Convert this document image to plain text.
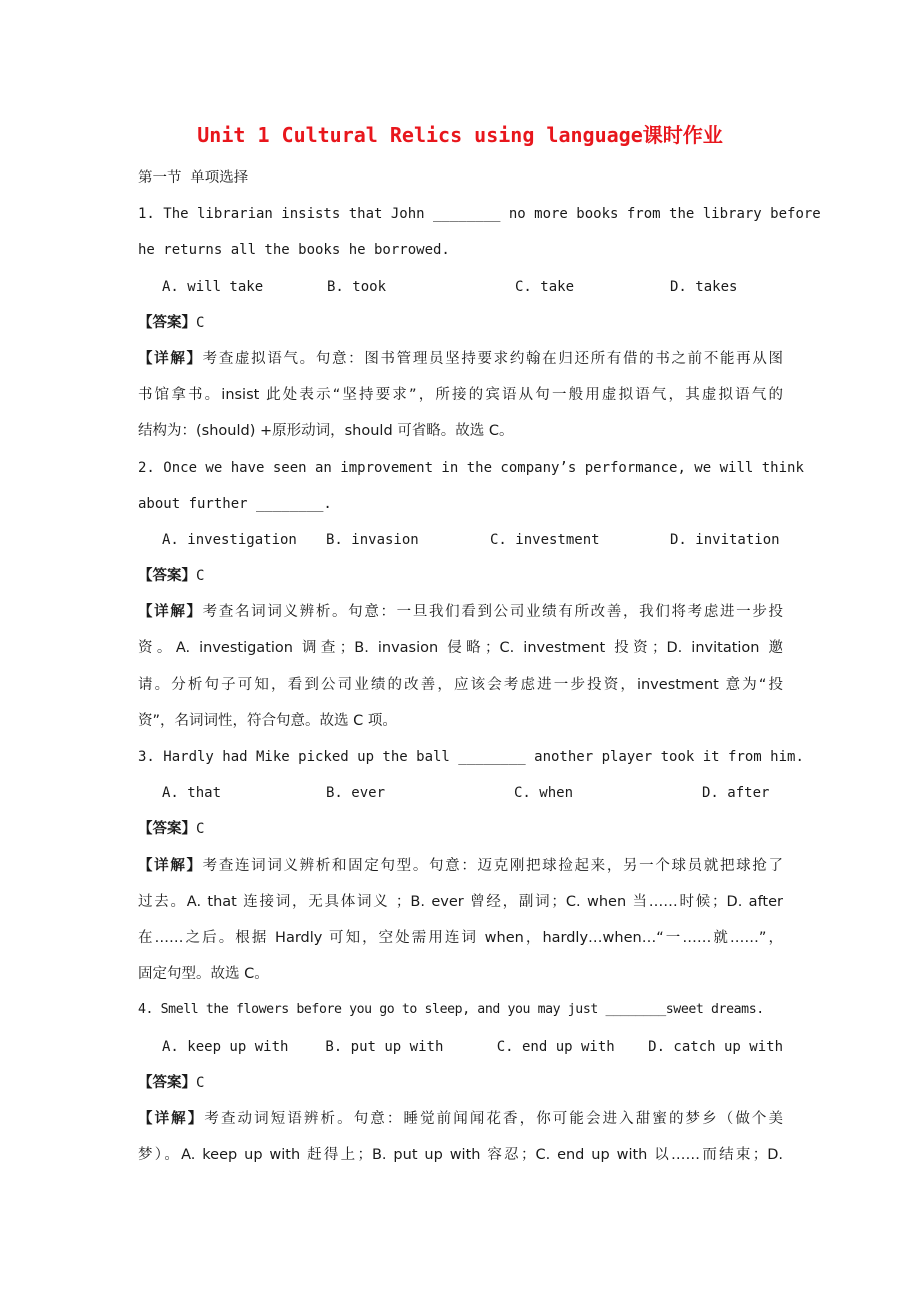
Unit 1 Cultural Relics using language课时作业
第一节 单项选择
1. The librarian insists that John ________ no more books from the library before
he returns all the books he borrowed.
A. will take	B. took	C. take	D. takes
【答案】C
【详解】考查虚拟语气。句意：图书管理员坚持要求约翰在归还所有借的书之前不能再从图
书馆拿书。insist 此处表示“坚持要求”，所接的宾语从句一般用虚拟语气，其虚拟语气的
结构为：(should) +原形动词，should 可省略。故选 C。
2. Once we have seen an improvement in the company’s performance, we will think
about further ________.
A. investigation	B. invasion	C. investment	D. invitation
【答案】C
【详解】考查名词词义辨析。句意：一旦我们看到公司业绩有所改善，我们将考虑进一步投
资。A. investigation 调查；B. invasion 侵略；C. investment 投资；D. invitation 邀
请。分析句子可知，看到公司业绩的改善，应该会考虑进一步投资，investment 意为“投
资”，名词词性，符合句意。故选 C 项。
3. Hardly had Mike picked up the ball ________ another player took it from him.
A. that	B. ever	C. when	D. after
【答案】C
【详解】考查连词词义辨析和固定句型。句意：迈克刚把球捡起来，另一个球员就把球抢了
过去。A. that 连接词，无具体词义 ；B. ever 曾经，副词；C. when 当……时候；D. after
在……之后。根据 Hardly 可知，空处需用连词 when，hardly…when…“一……就……”，
固定句型。故选 C。
4. Smell the flowers before you go to sleep, and you may just ________sweet dreams.
A. keep up with	B. put up with	C. end up with	D. catch up with
【答案】C
【详解】考查动词短语辨析。句意：睡觉前闻闻花香，你可能会进入甜蜜的梦乡（做个美
梦）。A. keep up with 赶得上；B. put up with 容忍；C. end up with 以……而结束；D.
